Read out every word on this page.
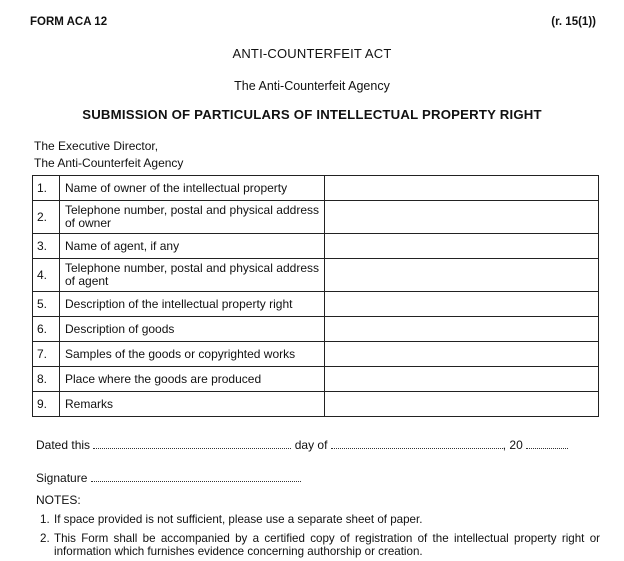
FORM ACA 12	(r. 15(1))
ANTI-COUNTERFEIT ACT
The Anti-Counterfeit Agency
SUBMISSION OF PARTICULARS OF INTELLECTUAL PROPERTY RIGHT
The Executive Director,
The Anti-Counterfeit Agency
1.	Name of owner of the intellectual property	
2.	Telephone number, postal and physical address of owner	
3.	Name of agent, if any	
4.	Telephone number, postal and physical address of agent	
5.	Description of the intellectual property right	
6.	Description of goods	
7.	Samples of the goods or copyrighted works	
8.	Place where the goods are produced	
9.	Remarks	
Dated this	day of	, 20
Signature
NOTES:
1. If space provided is not sufficient, please use a separate sheet of paper.
2. This Form shall be accompanied by a certified copy of registration of the intellectual property right or information which furnishes evidence concerning authorship or creation.
